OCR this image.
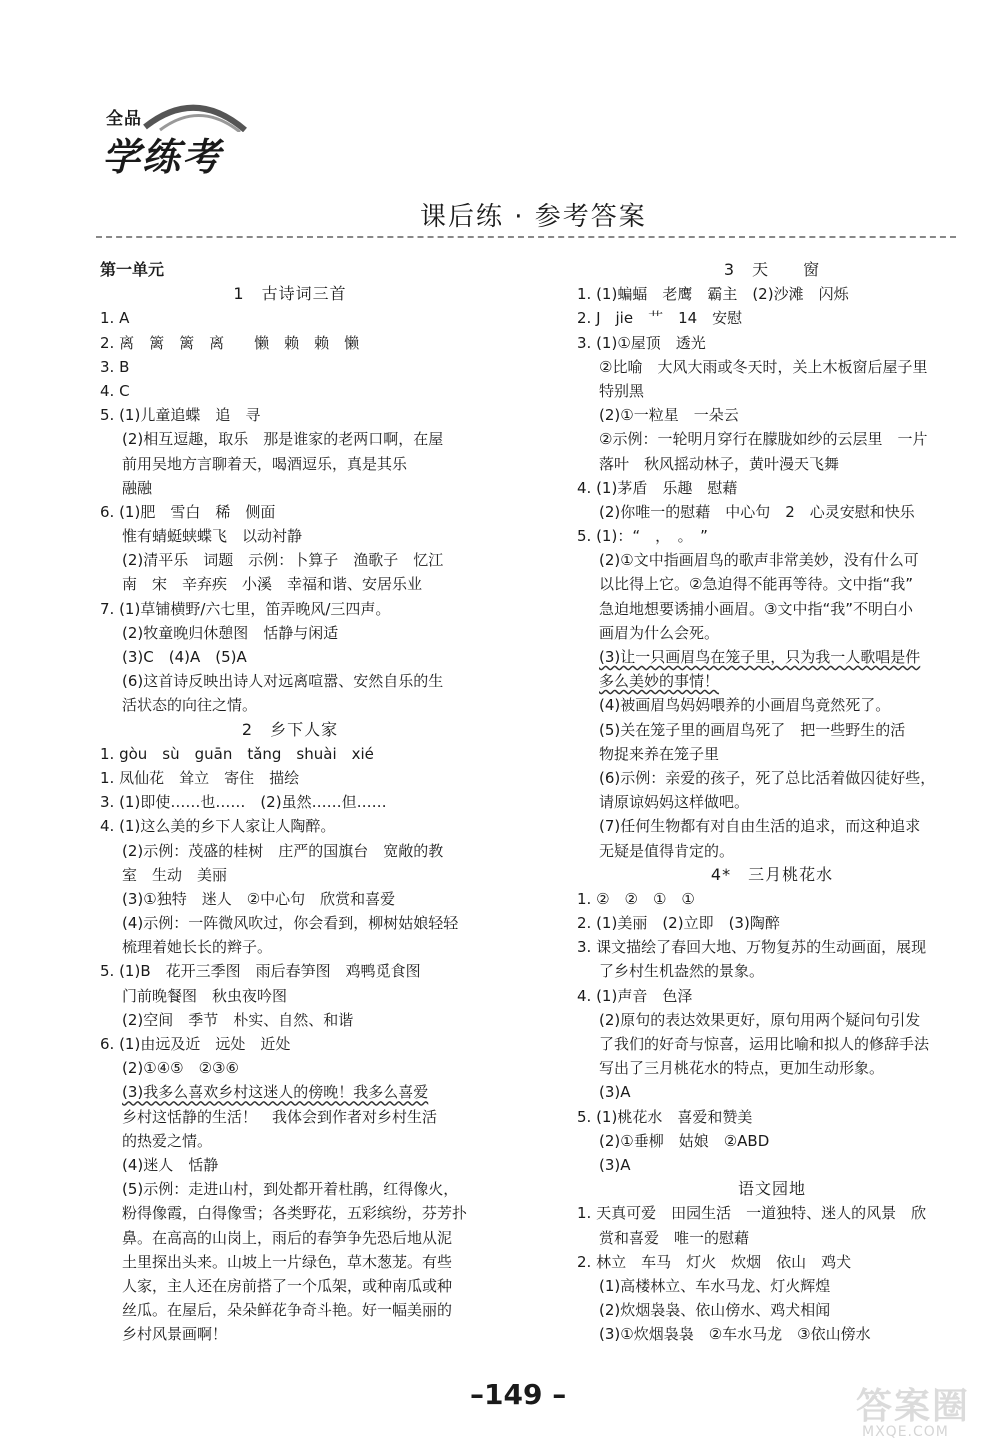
全品
学练考
课后练 · 参考答案
第一单元
1　古诗词三首
1. A
2. 离　篱　篱　离　　懒　赖　赖　懒
3. B
4. C
5. (1)儿童追蝶　追　寻
(2)相互逗趣，取乐　那是谁家的老两口啊，在屋
前用吴地方言聊着天，喝酒逗乐，真是其乐
融融
6. (1)肥　雪白　稀　侧面
惟有蜻蜓蛱蝶飞　以动衬静
(2)清平乐　词题　示例：卜算子　渔歌子　忆江
南　宋　辛弃疾　小溪　幸福和谐、安居乐业
7. (1)草铺横野/六七里，笛弄晚风/三四声。
(2)牧童晚归休憩图　恬静与闲适
(3)C　(4)A　(5)A
(6)这首诗反映出诗人对远离喧嚣、安然自乐的生
活状态的向往之情。
2　乡下人家
1. gòu　sù　guān　tǎng　shuài　xié
1. 凤仙花　耸立　寄住　描绘
3. (1)即使……也……　(2)虽然……但……
4. (1)这么美的乡下人家让人陶醉。
(2)示例：茂盛的桂树　庄严的国旗台　宽敞的教
室　生动　美丽
(3)①独特　迷人　②中心句　欣赏和喜爱
(4)示例：一阵微风吹过，你会看到，柳树姑娘轻轻
梳理着她长长的辫子。
5. (1)B　花开三季图　雨后春笋图　鸡鸭觅食图
门前晚餐图　秋虫夜吟图
(2)空间　季节　朴实、自然、和谐
6. (1)由远及近　远处　近处
(2)①④⑤　②③⑥
(3)我多么喜欢乡村这迷人的傍晚！我多么喜爱
乡村这恬静的生活！　我体会到作者对乡村生活
的热爱之情。
(4)迷人　恬静
(5)示例：走进山村，到处都开着杜鹃，红得像火，
粉得像霞，白得像雪；各类野花，五彩缤纷，芬芳扑
鼻。在高高的山岗上，雨后的春笋争先恐后地从泥
土里探出头来。山坡上一片绿色，草木葱茏。有些
人家，主人还在房前搭了一个瓜架，或种南瓜或种
丝瓜。在屋后，朵朵鲜花争奇斗艳。好一幅美丽的
乡村风景画啊！
3　天　　窗
1. (1)蝙蝠　老鹰　霸主　(2)沙滩　闪烁
2. J　jie　艹　14　安慰
3. (1)①屋顶　透光
②比喻　大风大雨或冬天时，关上木板窗后屋子里
特别黑
(2)①一粒星　一朵云
②示例：一轮明月穿行在朦胧如纱的云层里　一片
落叶　秋风摇动林子，黄叶漫天飞舞
4. (1)茅盾　乐趣　慰藉
(2)你唯一的慰藉　中心句　2　心灵安慰和快乐
5. (1)：“　，　。　”
(2)①文中指画眉鸟的歌声非常美妙，没有什么可
以比得上它。②急迫得不能再等待。文中指“我”
急迫地想要诱捕小画眉。③文中指“我”不明白小
画眉为什么会死。
(3)让一只画眉鸟在笼子里，只为我一人歌唱是件
多么美妙的事情！
(4)被画眉鸟妈妈喂养的小画眉鸟竟然死了。
(5)关在笼子里的画眉鸟死了　把一些野生的活
物捉来养在笼子里
(6)示例：亲爱的孩子，死了总比活着做囚徒好些，
请原谅妈妈这样做吧。
(7)任何生物都有对自由生活的追求，而这种追求
无疑是值得肯定的。
4*　三月桃花水
1. ②　②　①　①
2. (1)美丽　(2)立即　(3)陶醉
3. 课文描绘了春回大地、万物复苏的生动画面，展现
了乡村生机盎然的景象。
4. (1)声音　色泽
(2)原句的表达效果更好，原句用两个疑问句引发
了我们的好奇与惊喜，运用比喻和拟人的修辞手法
写出了三月桃花水的特点，更加生动形象。
(3)A
5. (1)桃花水　喜爱和赞美
(2)①垂柳　姑娘　②ABD
(3)A
语文园地
1. 天真可爱　田园生活　一道独特、迷人的风景　欣
赏和喜爱　唯一的慰藉
2. 林立　车马　灯火　炊烟　依山　鸡犬
(1)高楼林立、车水马龙、灯火辉煌
(2)炊烟袅袅、依山傍水、鸡犬相闻
(3)①炊烟袅袅　②车水马龙　③依山傍水
–149 –	答案圈
MXQE.COM
